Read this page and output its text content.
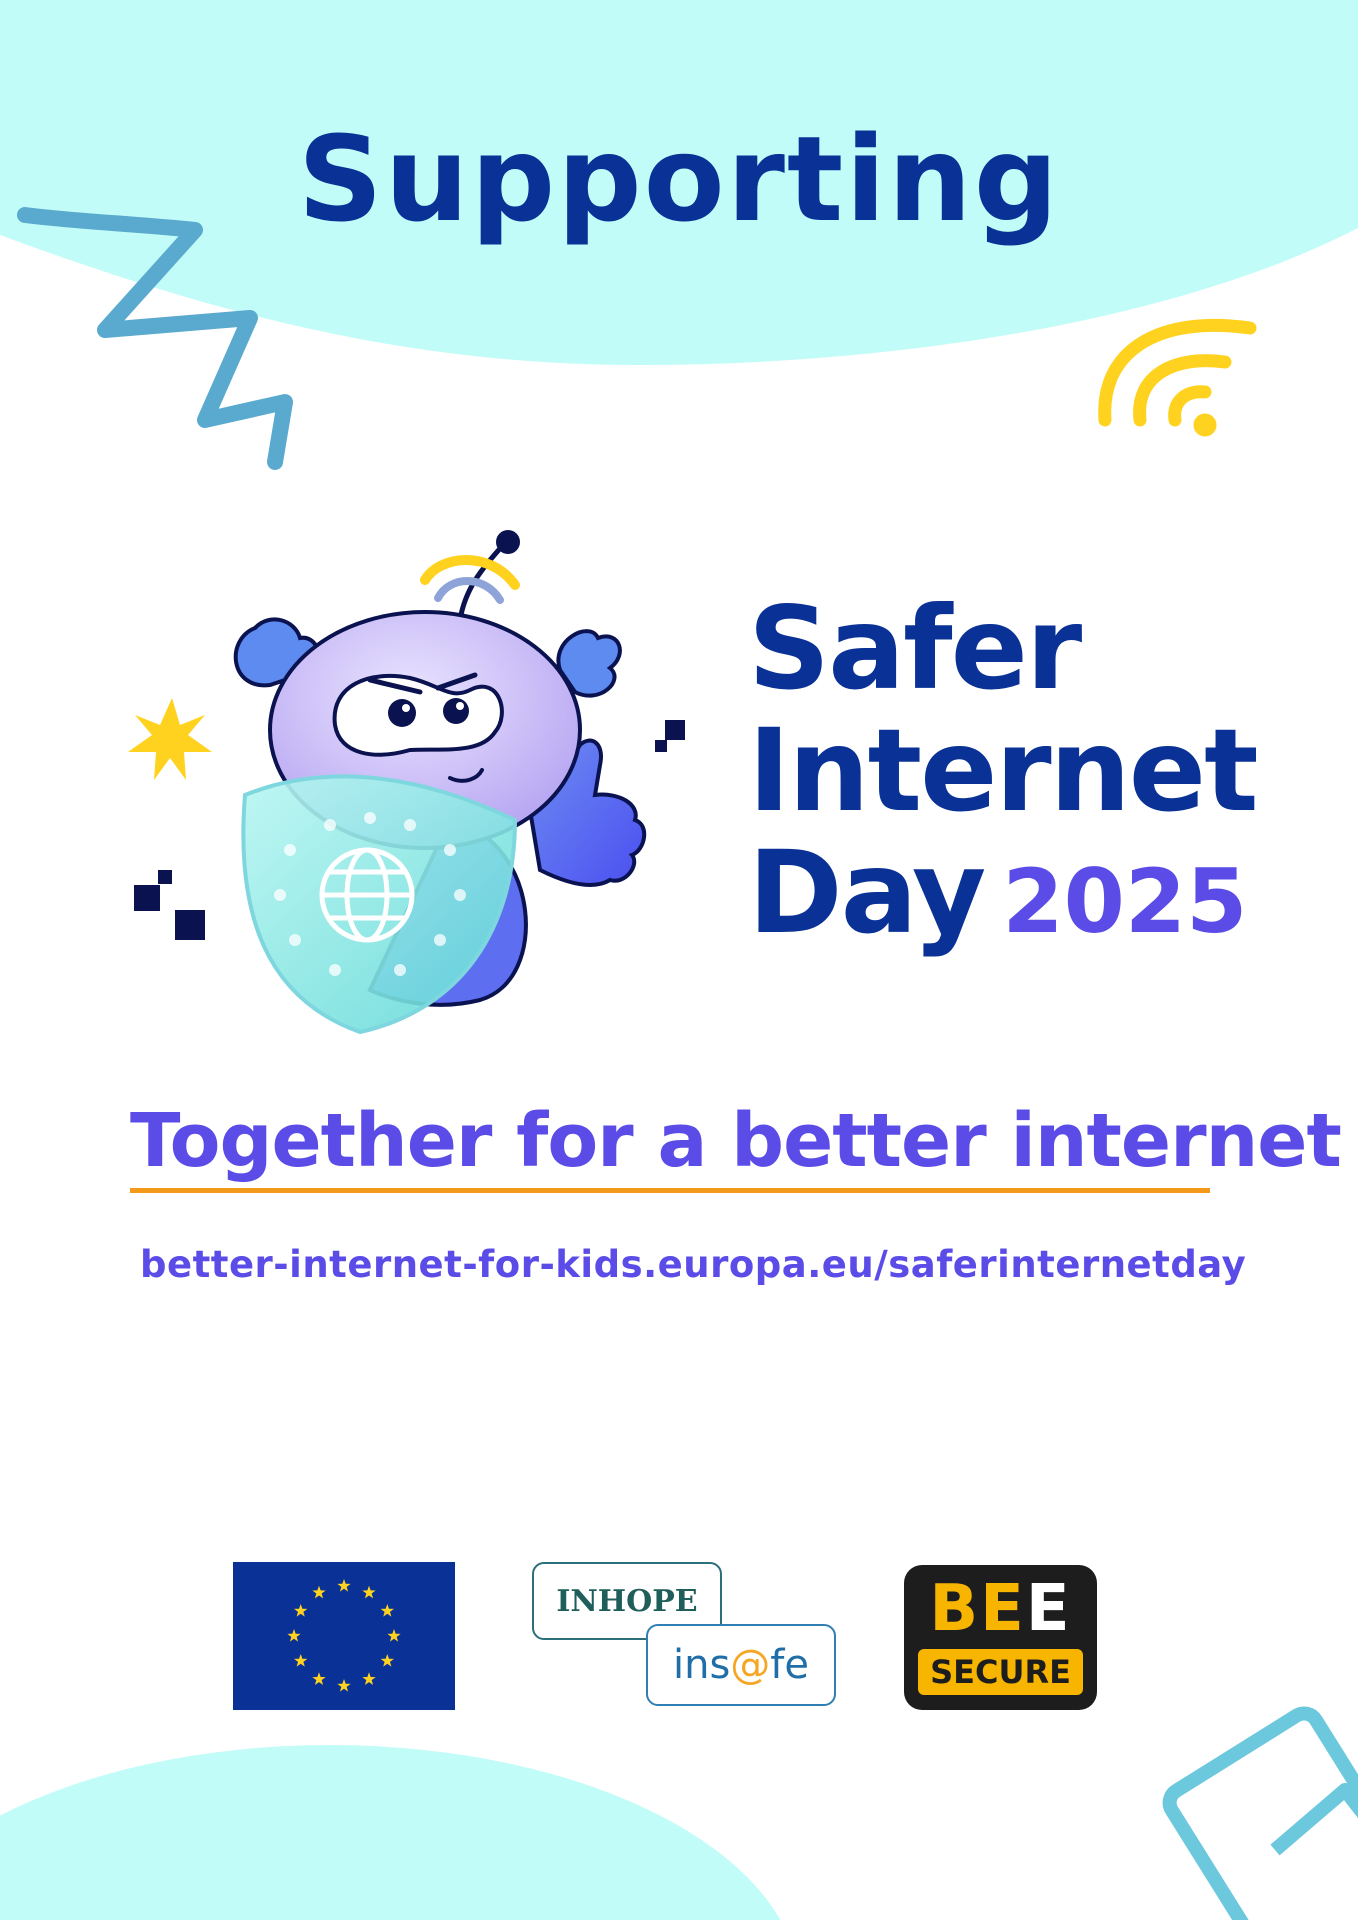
Supporting
Safer
Internet
Day 2025
Together for a better internet
better-internet-for-kids.europa.eu/saferinternetday
INHOPE
ins@fe
BEE
SECURE
